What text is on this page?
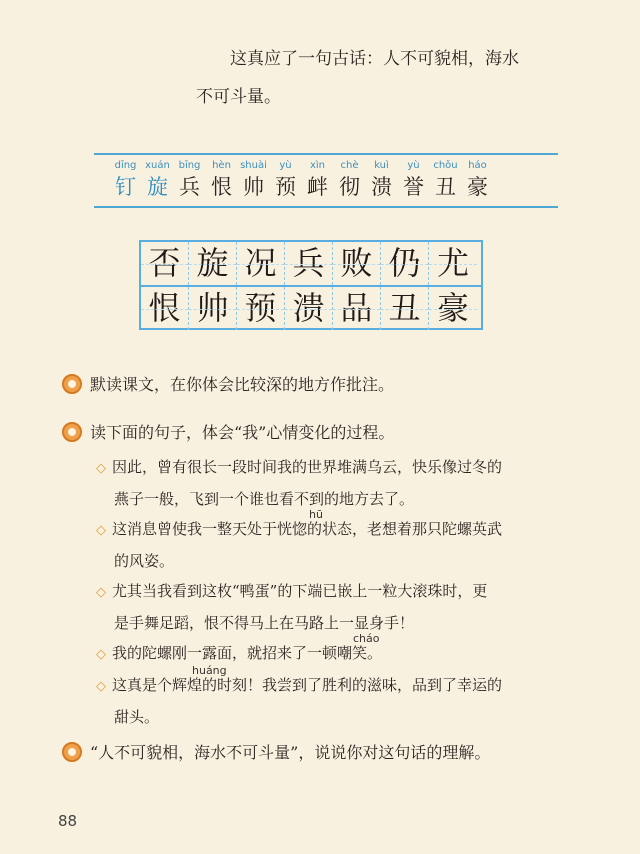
这真应了一句古话：人不可貌相，海水
不可斗量。
dīng
钉
xuán
旋
bīng
兵
hèn
恨
shuài
帅
yù
预
xìn
衅
chè
彻
kuì
溃
yù
誉
chǒu
丑
háo
豪
否 旋 况 兵 败 仍 尤
恨 帅 预 溃 品 丑 豪
默读课文，在你体会比较深的地方作批注。
读下面的句子，体会“我”心情变化的过程。
◇ 因此，曾有很长一段时间我的世界堆满乌云，快乐像过冬的
燕子一般，飞到一个谁也看不到的地方去了。
hū
◇ 这消息曾使我一整天处于恍惚的状态，老想着那只陀螺英武
的风姿。
◇ 尤其当我看到这枚“鸭蛋”的下端已嵌上一粒大滚珠时，更
是手舞足蹈，恨不得马上在马路上一显身手！
cháo
◇ 我的陀螺刚一露面，就招来了一顿嘲笑。
huáng
◇ 这真是个辉煌的时刻！我尝到了胜利的滋味，品到了幸运的
甜头。
“人不可貌相，海水不可斗量”，说说你对这句话的理解。
88
